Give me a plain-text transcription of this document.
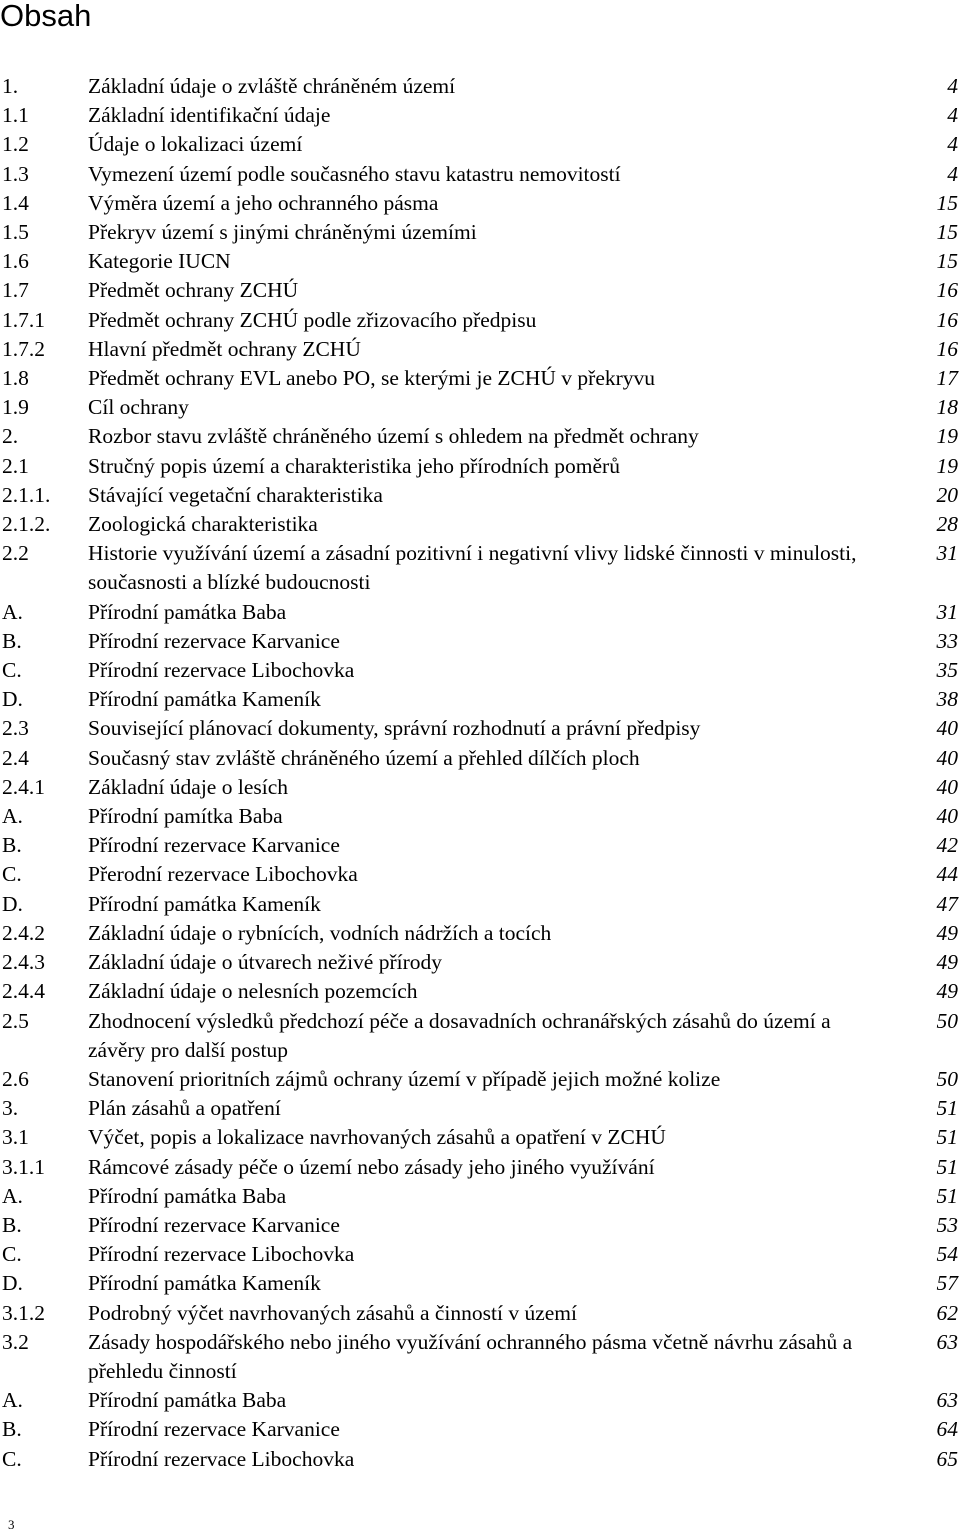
Obsah
1.	Základní údaje o zvláště chráněném území	4
1.1	Základní identifikační údaje	4
1.2	Údaje o lokalizaci území	4
1.3	Vymezení území podle současného stavu katastru nemovitostí	4
1.4	Výměra území a jeho ochranného pásma	15
1.5	Překryv území s jinými chráněnými územími	15
1.6	Kategorie IUCN	15
1.7	Předmět ochrany ZCHÚ	16
1.7.1 Předmět ochrany ZCHÚ podle zřizovacího předpisu	16
1.7.2 Hlavní předmět ochrany ZCHÚ	16
1.8	Předmět ochrany EVL anebo PO, se kterými je ZCHÚ v překryvu	17
1.9	Cíl ochrany	18
2.	Rozbor stavu zvláště chráněného území s ohledem na předmět ochrany	19
2.1	Stručný popis území a charakteristika jeho přírodních poměrů	19
2.1.1. Stávající vegetační charakteristika	20
2.1.2. Zoologická charakteristika	28
2.2	Historie využívání území a zásadní pozitivní i negativní vlivy lidské činnosti v minulosti, současnosti a blízké budoucnosti
31
A.	Přírodní památka Baba	31
B.	Přírodní rezervace Karvanice	33
C.	Přírodní rezervace Libochovka	35
D.	Přírodní památka Kameník	38
2.3	Související plánovací dokumenty, správní rozhodnutí a právní předpisy	40
2.4	Současný stav zvláště chráněného území a přehled dílčích ploch	40
2.4.1 Základní údaje o lesích	40
A.	Přírodní pamítka Baba	40
B.	Přírodní rezervace Karvanice	42
C.	Přerodní rezervace Libochovka	44
D.	Přírodní památka Kameník	47
2.4.2 Základní údaje o rybnících, vodních nádržích a tocích	49
2.4.3 Základní údaje o útvarech neživé přírody	49
2.4.4 Základní údaje o nelesních pozemcích	49
2.5	Zhodnocení výsledků předchozí péče a dosavadních ochranářských zásahů do území a závěry pro další postup
50
2.6	Stanovení prioritních zájmů ochrany území v případě jejich možné kolize	50
3.	Plán zásahů a opatření	51
3.1	Výčet, popis a lokalizace navrhovaných zásahů a opatření v ZCHÚ	51
3.1.1 Rámcové zásady péče o území nebo zásady jeho jiného využívání	51
A.	Přírodní památka Baba	51
B.	Přírodní rezervace Karvanice	53
C.	Přírodní rezervace Libochovka	54
D.	Přírodní památka Kameník	57
3.1.2 Podrobný výčet navrhovaných zásahů a činností v území	62
3.2	Zásady hospodářského nebo jiného využívání ochranného pásma včetně návrhu zásahů a přehledu činností
63
A.	Přírodní památka Baba	63
B.	Přírodní rezervace Karvanice	64
C.	Přírodní rezervace Libochovka	65
3
